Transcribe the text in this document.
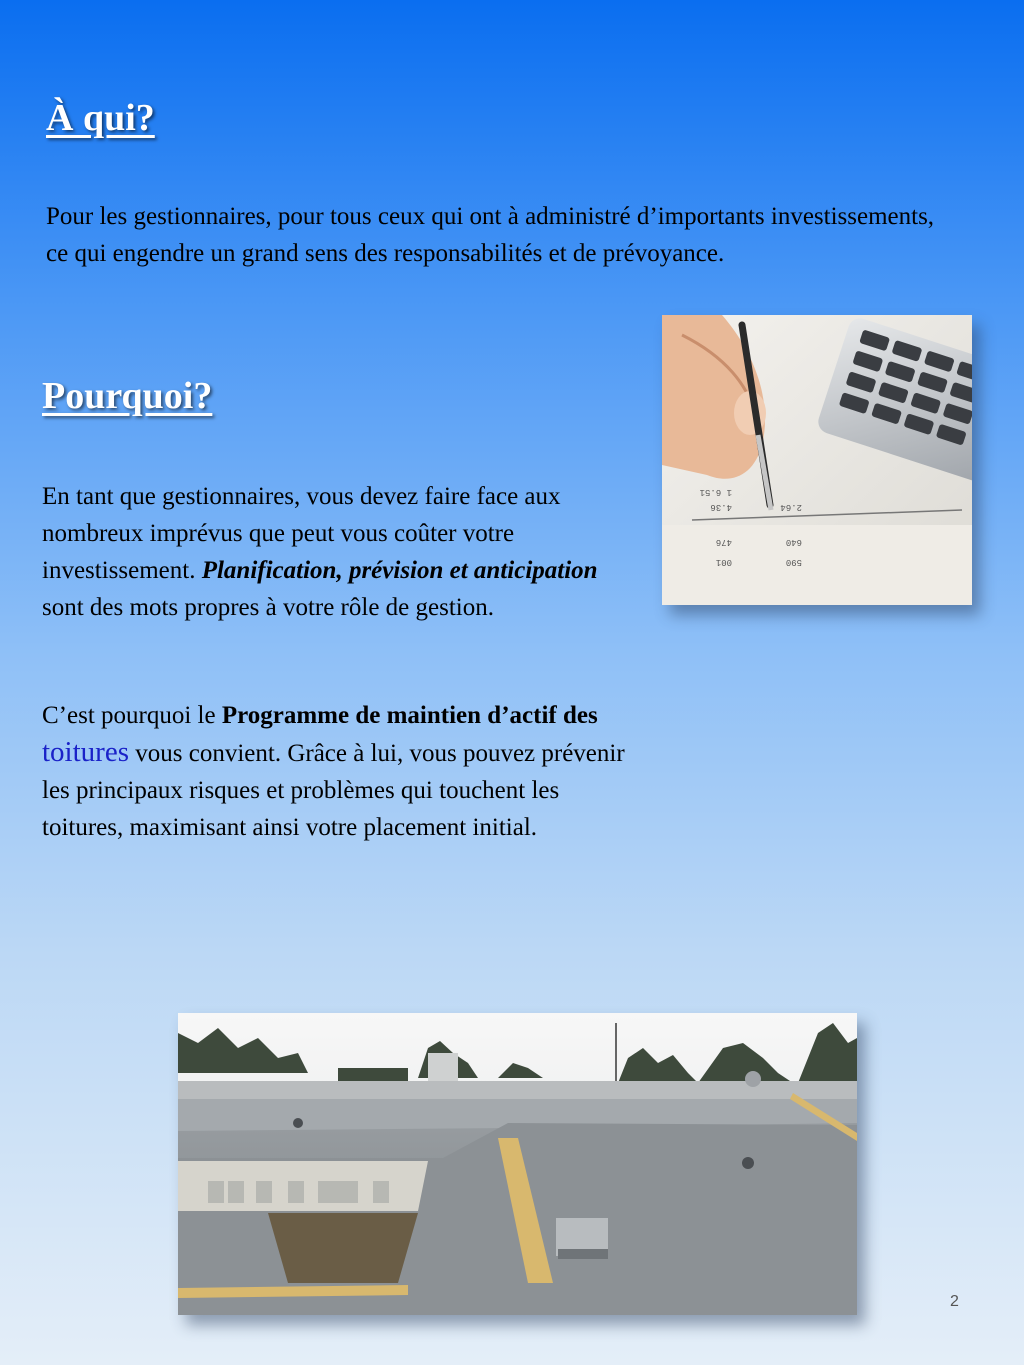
À qui?

Pour les gestionnaires, pour tous ceux qui ont à administré d’importants investissements, ce qui engendre un grand sens des responsabilités et de prévoyance.

Pourquoi?

En tant que gestionnaires, vous devez faire face aux nombreux imprévus que peut vous coûter votre investissement. Planification, prévision et anticipation sont des mots propres à votre rôle de gestion.

C’est pourquoi le Programme de maintien d’actif des toitures vous convient. Grâce à lui, vous pouvez prévenir les principaux risques et problèmes qui touchent les toitures, maximisant ainsi votre placement initial.

1 6.51
4.36	2.64
476	640
001	590
2
